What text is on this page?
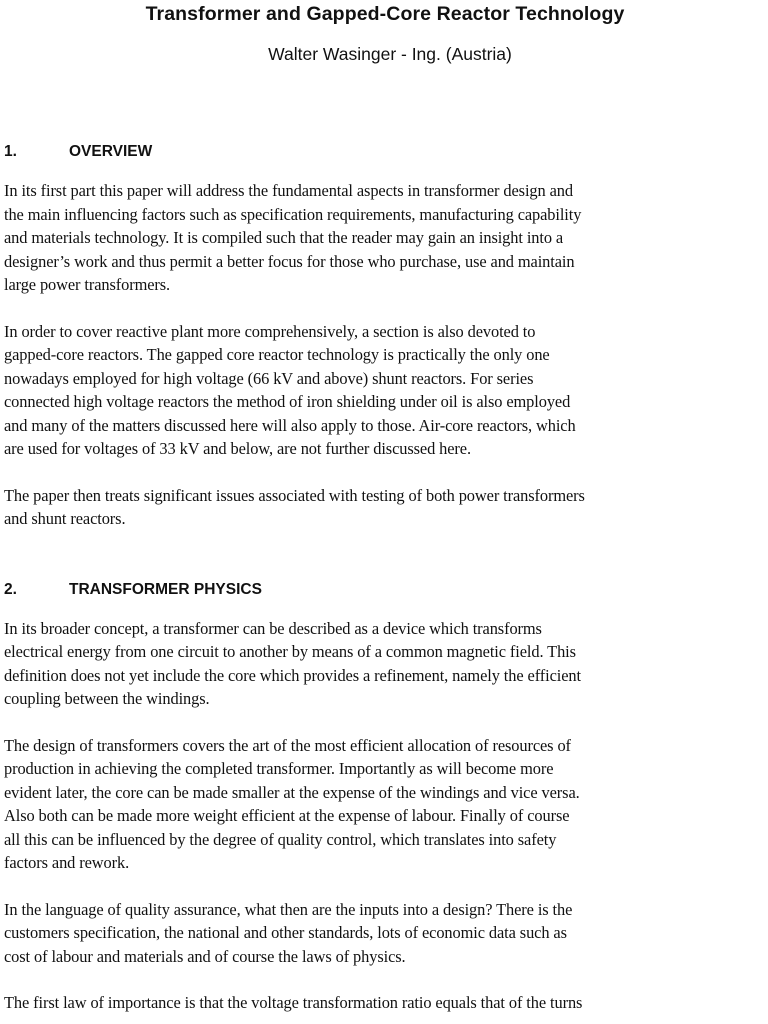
Transformer and Gapped-Core Reactor Technology

Walter Wasinger - Ing. (Austria)

1.	OVERVIEW

In its first part this paper will address the fundamental aspects in transformer design and
the main influencing factors such as specification requirements, manufacturing capability
and materials technology. It is compiled such that the reader may gain an insight into a
designer’s work and thus permit a better focus for those who purchase, use and maintain
large power transformers.

In order to cover reactive plant more comprehensively, a section is also devoted to
gapped-core reactors. The gapped core reactor technology is practically the only one
nowadays employed for high voltage (66 kV and above) shunt reactors. For series
connected high voltage reactors the method of iron shielding under oil is also employed
and many of the matters discussed here will also apply to those. Air-core reactors, which
are used for voltages of 33 kV and below, are not further discussed here.

The paper then treats significant issues associated with testing of both power transformers
and shunt reactors.

2.	TRANSFORMER PHYSICS

In its broader concept, a transformer can be described as a device which transforms
electrical energy from one circuit to another by means of a common magnetic field. This
definition does not yet include the core which provides a refinement, namely the efficient
coupling between the windings.

The design of transformers covers the art of the most efficient allocation of resources of
production in achieving the completed transformer. Importantly as will become more
evident later, the core can be made smaller at the expense of the windings and vice versa.
Also both can be made more weight efficient at the expense of labour. Finally of course
all this can be influenced by the degree of quality control, which translates into safety
factors and rework.

In the language of quality assurance, what then are the inputs into a design? There is the
customers specification, the national and other standards, lots of economic data such as
cost of labour and materials and of course the laws of physics.

The first law of importance is that the voltage transformation ratio equals that of the turns
